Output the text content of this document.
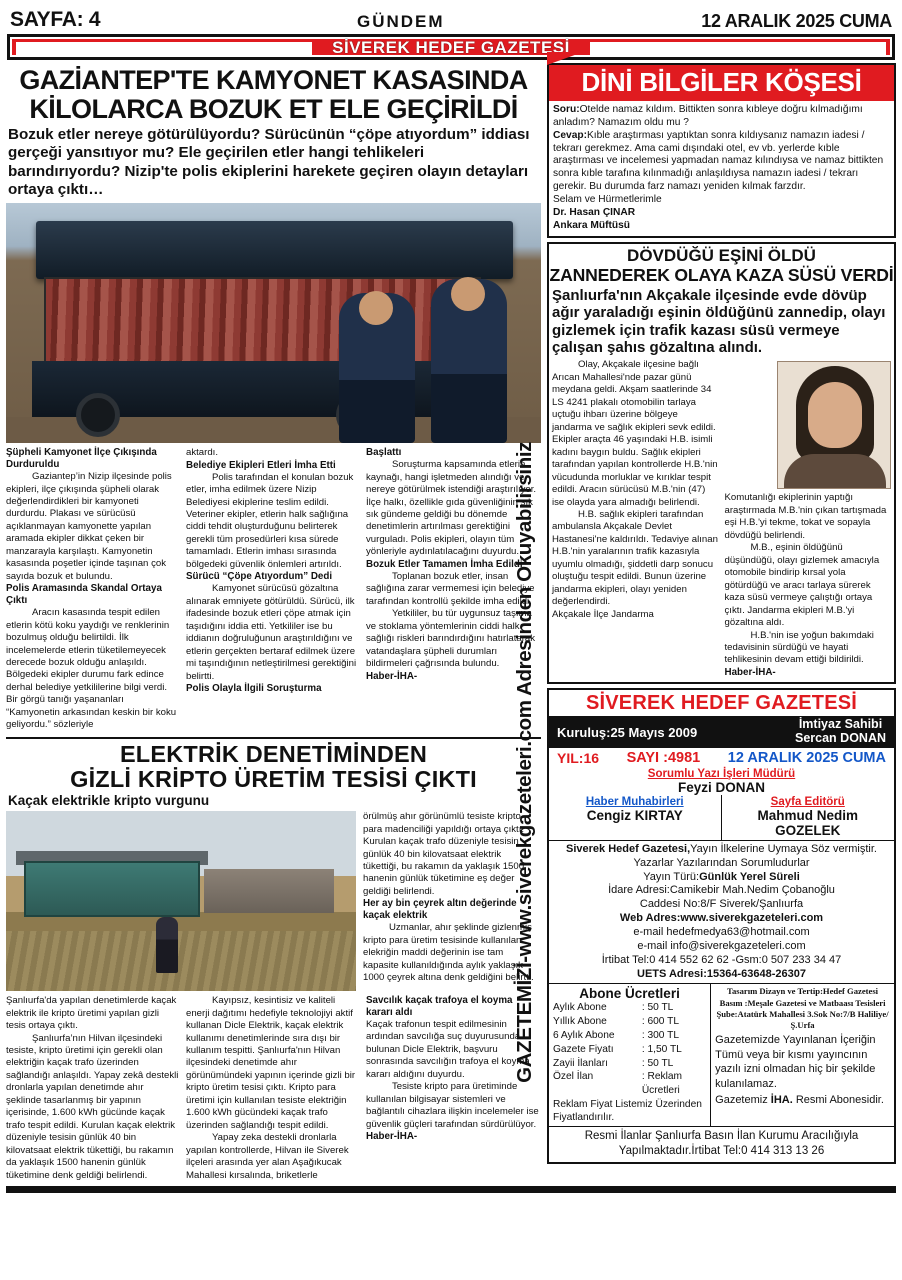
SAYFA: 4	GÜNDEM	12 ARALIK 2025 CUMA
SİVEREK HEDEF GAZETESİ
GAZİANTEP'TE KAMYONET KASASINDA
KİLOLARCA BOZUK ET ELE GEÇİRİLDİ
Bozuk etler nereye götürülüyordu? Sürücünün “çöpe atıyordum” iddiası gerçeği yansıtıyor mu? Ele geçirilen etler hangi tehlikeleri barındırıyordu? Nizip'te polis ekiplerini harekete geçiren olayın detayları ortaya çıktı…
Şüpheli Kamyonet İlçe Çıkışında Durduruldu

Gaziantep’in Nizip ilçesinde polis ekipleri, ilçe çıkışında şüpheli olarak değerlendirdikleri bir kamyoneti durdurdu. Plakası ve sürücüsü açıklanmayan kamyonette yapılan aramada ekipler dikkat çeken bir manzarayla karşılaştı. Kamyonetin kasasında poşetler içinde taşınan çok sayıda bozuk et bulundu.

Polis Aramasında Skandal Ortaya Çıktı

Aracın kasasında tespit edilen etlerin kötü koku yaydığı ve renklerinin bozulmuş olduğu belirtildi. İlk incelemelerde etlerin tüketilemeyecek derecede bozuk olduğu anlaşıldı. Bölgedeki ekipler durumu fark edince derhal belediye yetkililerine bilgi verdi. Bir görgü tanığı yaşananları “Kamyonetin arkasından keskin bir koku geliyordu.” sözleriyle

aktardı.

Belediye Ekipleri Etleri İmha Etti

Polis tarafından el konulan bozuk etler, imha edilmek üzere Nizip Belediyesi ekiplerine teslim edildi. Veteriner ekipler, etlerin halk sağlığına ciddi tehdit oluşturduğunu belirterek gerekli tüm prosedürleri kısa sürede tamamladı. Etlerin imhası sırasında bölgedeki güvenlik önlemleri artırıldı.

Sürücü “Çöpe Atıyordum” Dedi

Kamyonet sürücüsü gözaltına alınarak emniyete götürüldü. Sürücü, ilk ifadesinde bozuk etleri çöpe atmak için taşıdığını iddia etti. Yetkililer ise bu iddianın doğruluğunun araştırıldığını ve etlerin gerçekten bertaraf edilmek üzere mi taşındığının netleştirilmesi gerektiğini belirtti.

Polis Olayla İlgili Soruşturma
Başlattı

Soruşturma kapsamında etlerin kaynağı, hangi işletmeden alındığı ve nereye götürülmek istendiği araştırılıyor. İlçe halkı, özellikle gıda güvenliğinin sık sık gündeme geldiği bu dönemde denetimlerin artırılması gerektiğini vurguladı. Polis ekipleri, olayın tüm yönleriyle aydınlatılacağını duyurdu.

Bozuk Etler Tamamen İmha Edildi

Toplanan bozuk etler, insan sağlığına zarar vermemesi için belediye tarafından kontrollü şekilde imha edildi.

Yetkililer, bu tür uygunsuz taşıma ve stoklama yöntemlerinin ciddi halk sağlığı riskleri barındırdığını hatırlatarak vatandaşlara şüpheli durumları bildirmeleri çağrısında bulundu.

Haber-İHA-
ELEKTRİK DENETİMİNDEN
GİZLİ KRİPTO ÜRETİM TESİSİ ÇIKTI
Kaçak elektrikle kripto vurgunu

örülmüş ahır görünümlü tesiste kripto para madenciliği yapıldığı ortaya çıktı. Kurulan kaçak trafo düzeniyle tesisin günlük 40 bin kilovatsaat elektrik tükettiği, bu rakamın da yaklaşık 1500 hanenin günlük tüketimine eş değer geldiği belirlendi.

Her ay bin çeyrek altın değerinde kaçak elektrik

Uzmanlar, ahır şeklinde gizlenmiş kripto para üretim tesisinde kullanılan elekriğin maddi değerinin ise tam kapasite kullanıldığında aylık yaklaşık 1000 çeyrek altına denk geldiğini belirtti.

Şanlıurfa'da yapılan denetimlerde kaçak elektrik ile kripto üretimi yapılan gizli tesis ortaya çıktı.

Şanlıurfa’nın Hilvan ilçesindeki tesiste, kripto üretimi için gerekli olan elektriğin kaçak trafo üzerinden sağlandığı anlaşıldı. Yapay zekâ destekli dronlarla yapılan denetimde ahır şeklinde tasarlanmış bir yapının içerisinde, 1.600 kWh gücünde kaçak trafo tespit edildi. Kurulan kaçak elektrik düzeniyle tesisin günlük 40 bin kilovatsaat elektrik tükettiği, bu rakamın da yaklaşık 1500 hanenin günlük tüketimine denk geldiği belirlendi.

Kayıpsız, kesintisiz ve kaliteli enerji dağıtımı hedefiyle teknolojiyi aktif kullanan Dicle Elektrik, kaçak elektrik kullanımı denetimlerinde sıra dışı bir kullanım tespitti. Şanlıurfa'nın Hilvan ilçesindeki denetimde ahır görünümündeki yapının içerinde gizli bir kripto üretim tesisi çıktı. Kripto para üretimi için kullanılan tesiste elektriğin 1.600 kWh gücündeki kaçak trafo üzerinden sağlandığı tespit edildi.

Yapay zeka destekli dronlarla yapılan kontrollerde, Hilvan ile Siverek ilçeleri arasında yer alan Aşağıkucak Mahallesi kırsalında, briketlerle

Savcılık kaçak trafoya el koyma kararı aldı

Kaçak trafonun tespit edilmesinin ardından savcılığa suç duyurusunda bulunan Dicle Elektrik, başvuru sonrasında savcılığın trafoya el koyma kararı aldığını duyurdu.

Tesiste kripto para üretiminde kullanılan bilgisayar sistemleri ve bağlantılı cihazlara ilişkin incelemeler ise güvenlik güçleri tarafından sürdürülüyor.

Haber-İHA-
DİNİ BİLGİLER KÖŞESİ
Soru:Otelde namaz kıldım. Bittikten sonra kıbleye doğru kılmadığımı anladım? Namazım oldu mu ?
Cevap:Kıble araştırması yaptıktan sonra kıldıysanız namazın iadesi / tekrarı gerekmez. Ama cami dışındaki otel, ev vb. yerlerde kıble araştırması ve incelemesi yapmadan namaz kılındıysa ve namaz bittikten sonra kıble tarafına kılınmadığı anlaşıldıysa namazın iadesi / tekrarı gerekir. Bu durumda farz namazı yeniden kılmak farzdır.
Selam ve Hürmetlerimle
Dr. Hasan ÇINAR
Ankara Müftüsü
DÖVDÜĞÜ EŞİNİ ÖLDÜ
ZANNEDEREK OLAYA KAZA SÜSÜ VERDİ
Şanlıurfa'nın Akçakale ilçesinde evde dövüp ağır yaraladığı eşinin öldüğünü zannedip, olayı gizlemek için trafik kazası süsü vermeye çalışan şahıs gözaltına alındı.

Olay, Akçakale ilçesine bağlı Arıcan Mahallesi'nde pazar günü meydana geldi. Akşam saatlerinde 34 LS 4241 plakalı otomobilin tarlaya uçtuğu ihbarı üzerine bölgeye jandarma ve sağlık ekipleri sevk edildi. Ekipler araçta 46 yaşındaki H.B. isimli kadını baygın buldu. Sağlık ekipleri tarafından yapılan kontrollerde H.B.'nin vücudunda morluklar ve kırıklar tespit edildi. Aracın sürücüsü M.B.'nin (47) ise olayda yara almadığı belirlendi.

H.B. sağlık ekipleri tarafından ambulansla Akçakale Devlet Hastanesi'ne kaldırıldı. Tedaviye alınan H.B.'nin yaralarının trafik kazasıyla uyumlu olmadığı, şiddetli darp sonucu oluştuğu tespit edildi. Bunun üzerine jandarma ekipleri, olayı yeniden değerlendirdi.

Akçakale İlçe Jandarma

Komutanlığı ekiplerinin yaptığı araştırmada M.B.'nin çıkan tartışmada eşi H.B.'yi tekme, tokat ve sopayla dövdüğü belirlendi.

M.B., eşinin öldüğünü düşündüğü, olayı gizlemek amacıyla otomobile bindirip kırsal yola götürdüğü ve aracı tarlaya sürerek kaza süsü vermeye çalıştığı ortaya çıktı. Jandarma ekipleri M.B.'yi gözaltına aldı.

H.B.'nin ise yoğun bakımdaki tedavisinin sürdüğü ve hayati tehlikesinin devam ettiği bildirildi.

Haber-İHA-
SİVEREK HEDEF GAZETESİ
Kuruluş:25 Mayıs 2009
İmtiyaz Sahibi
Sercan DONAN
YIL:16 SAYI :4981 12 ARALIK 2025 CUMA
Sorumlu Yazı İşleri Müdürü
Feyzi DONAN
Haber Muhabirleri
Cengiz KIRTAY
Sayfa Editörü
Mahmud Nedim GOZELEK
Siverek Hedef Gazetesi,Yayın İlkelerine Uymaya Söz vermiştir.
Yazarlar Yazılarından Sorumludurlar
Yayın Türü:Günlük Yerel Süreli
İdare Adresi:Camikebir Mah.Nedim Çobanoğlu
Caddesi No:8/F Siverek/Şanlıurfa
Web Adres:www.siverekgazeteleri.com
e-mail hedefmedya63@hotmail.com
e-mail info@siverekgazeteleri.com
İrtibat Tel:0 414 552 62 62 -Gsm:0 507 233 34 47
UETS Adresi:15364-63648-26307
Abone Ücretleri
Aylık Abone	: 50 TL
Yıllık Abone	: 600 TL
6 Aylık Abone	: 300 TL
Gazete Fiyatı	: 1,50 TL
Zayii İlanları	: 50 TL
Özel İlan	: Reklam Ücretleri
Reklam Fiyat Listemiz Üzerinden Fiyatlandırılır.
Tasarım Dizayn ve Tertip:Hedef Gazetesi
Basım :Meşale Gazetesi ve Matbaası Tesisleri
Şube:Atatürk Mahallesi 3.Sok No:7/B Haliliye/Ş.Urfa
Gazetemizde Yayınlanan İçeriğin Tümü veya bir kısmı yayıncının yazılı izni olmadan hiç bir şekilde kulanılamaz.
Gazetemiz İHA. Resmi Abonesidir.
Resmi İlanlar Şanlıurfa Basın İlan Kurumu Aracılığıyla
Yapılmaktadır.İrtibat Tel:0 414 313 13 26
GAZETEMİZİ-www.siverekgazeteleri.com Adresinden Okuyabilirsiniz
